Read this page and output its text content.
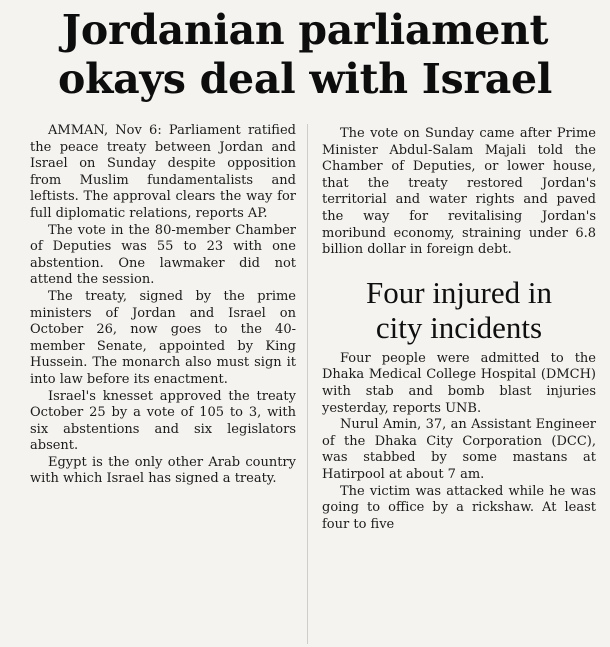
Jordanian parliament
okays deal with Israel

AMMAN, Nov 6: Parliament ratified the peace treaty between Jordan and Israel on Sunday despite opposition from Muslim fundamentalists and leftists. The approval clears the way for full diplomatic relations, reports AP.

The vote in the 80-member Chamber of Deputies was 55 to 23 with one abstention. One lawmaker did not attend the session.

The treaty, signed by the prime ministers of Jordan and Israel on October 26, now goes to the 40-member Senate, appointed by King Hussein. The monarch also must sign it into law before its enactment.

Israel's knesset approved the treaty October 25 by a vote of 105 to 3, with six abstentions and six legislators absent.

Egypt is the only other Arab country with which Israel has signed a treaty.

The vote on Sunday came after Prime Minister Abdul-Salam Majali told the Chamber of Deputies, or lower house, that the treaty restored Jordan's territorial and water rights and paved the way for revitalising Jordan's moribund economy, straining under 6.8 billion dollar in foreign debt.

Four injured in
city incidents

Four people were admitted to the Dhaka Medical College Hospital (DMCH) with stab and bomb blast injuries yesterday, reports UNB.

Nurul Amin, 37, an Assistant Engineer of the Dhaka City Corporation (DCC), was stabbed by some mastans at Hatirpool at about 7 am.

The victim was attacked while he was going to office by a rickshaw. At least four to five
